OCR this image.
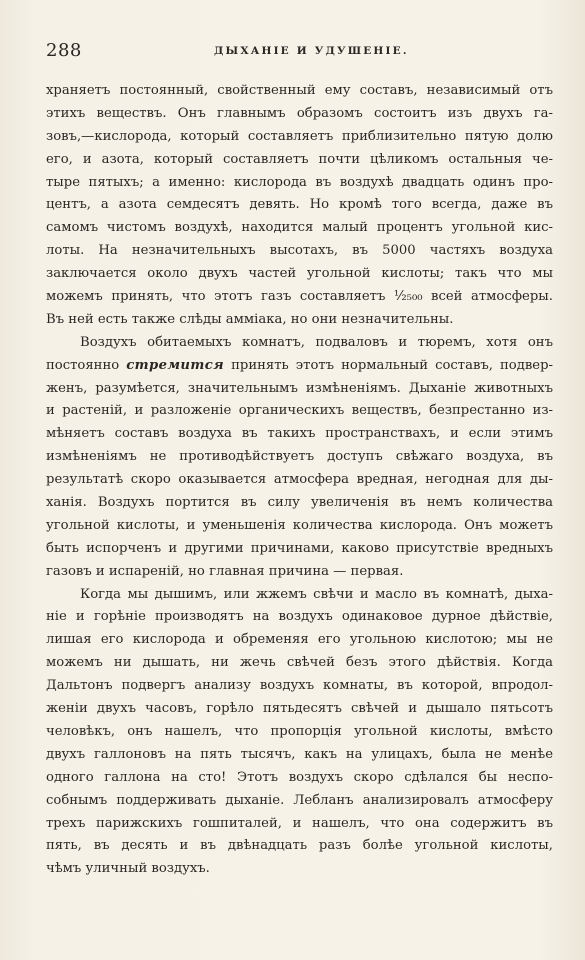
288	ДЫХАНІЕ И УДУШЕНІЕ.
храняетъ постоянный, свойственный ему составъ, независимый отъ
этихъ веществъ. Онъ главнымъ образомъ состоитъ изъ двухъ га-
зовъ,—кислорода, который составляетъ приблизительно пятую долю
его, и азота, который составляетъ почти цѣликомъ остальныя че-
тыре пятыхъ; а именно: кислорода въ воздухѣ двадцать одинъ про-
центъ, а азота семдесятъ девять. Но кромѣ того всегда, даже въ
самомъ чистомъ воздухѣ, находится малый процентъ угольной кис-
лоты. На незначительныхъ высотахъ, въ 5000 частяхъ воздуха
заключается около двухъ частей угольной кислоты; такъ что мы
можемъ принять, что этотъ газъ составляетъ ¹⁄₂₅₀₀ всей атмосферы.
Въ ней есть также слѣды аммiака, но они незначительны.
Воздухъ обитаемыхъ комнатъ, подваловъ и тюремъ, хотя онъ
постоянно стремится принять этотъ нормальный составъ, подвер-
женъ, разумѣется, значительнымъ измѣненiямъ. Дыханiе животныхъ
и растенiй, и разложенiе органическихъ веществъ, безпрестанно из-
мѣняетъ составъ воздуха въ такихъ пространствахъ, и если этимъ
измѣненiямъ не противодѣйствуетъ доступъ свѣжаго воздуха, въ
результатѣ скоро оказывается атмосфера вредная, негодная для ды-
ханiя. Воздухъ портится въ силу увеличенiя въ немъ количества
угольной кислоты, и уменьшенiя количества кислорода. Онъ можетъ
быть испорченъ и другими причинами, каково присутствiе вредныхъ
газовъ и испаренiй, но главная причина — первая.
Когда мы дышимъ, или жжемъ свѣчи и масло въ комнатѣ, дыха-
нiе и горѣнiе производятъ на воздухъ одинаковое дурное дѣйствiе,
лишая его кислорода и обременяя его угольною кислотою; мы не
можемъ ни дышать, ни жечь свѣчей безъ этого дѣйствiя. Когда
Дальтонъ подвергъ анализу воздухъ комнаты, въ которой, впродол-
женiи двухъ часовъ, горѣло пятьдесятъ свѣчей и дышало пятьсотъ
человѣкъ, онъ нашелъ, что пропорцiя угольной кислоты, вмѣсто
двухъ галлоновъ на пять тысячъ, какъ на улицахъ, была не менѣе
одного галлона на сто! Этотъ воздухъ скоро сдѣлался бы неспо-
собнымъ поддерживать дыханiе. Лебланъ анализировалъ атмосферу
трехъ парижскихъ гошпиталей, и нашелъ, что она содержитъ въ
пять, въ десять и въ двѣнадцать разъ болѣе угольной кислоты,
чѣмъ уличный воздухъ.
